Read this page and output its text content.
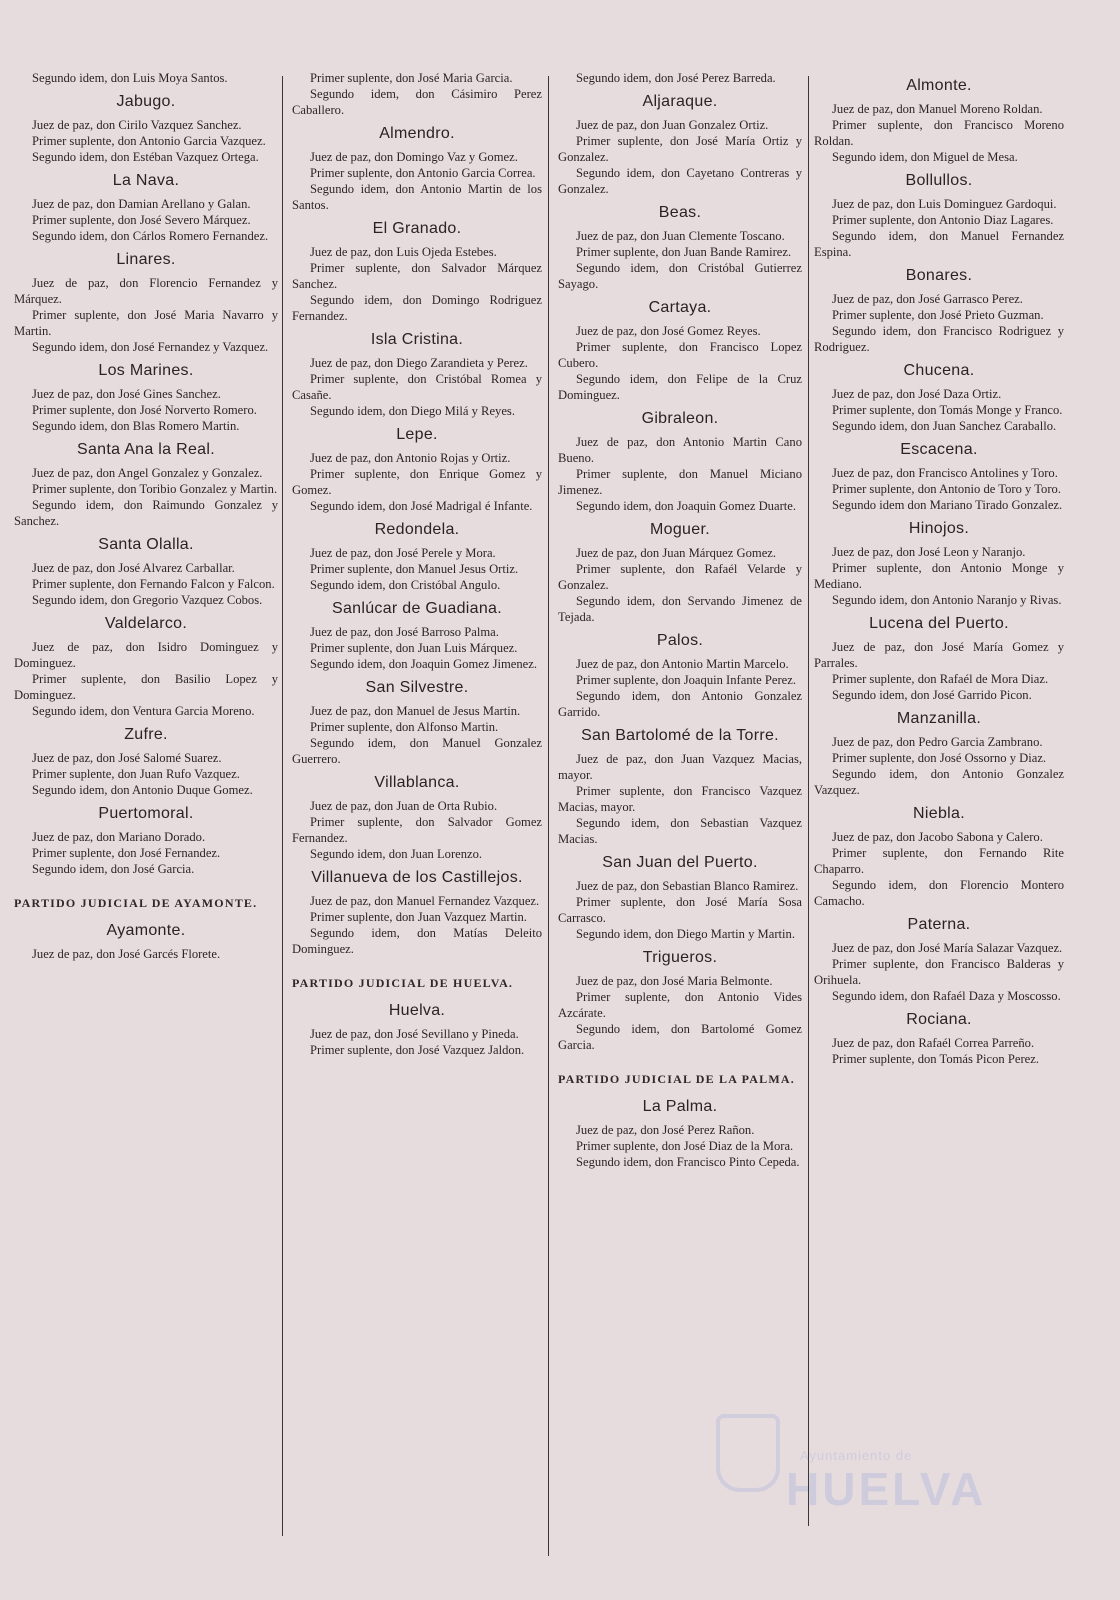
Ayuntamiento de
HUELVA

Segundo idem, don Luis Moya Santos.

Jabugo.

Juez de paz, don Cirilo Vazquez Sanchez.

Primer suplente, don Antonio Garcia Vazquez.

Segundo idem, don Estéban Vazquez Ortega.

La Nava.

Juez de paz, don Damian Arellano y Galan.

Primer suplente, don José Severo Márquez.

Segundo idem, don Cárlos Romero Fernandez.

Linares.

Juez de paz, don Florencio Fernandez y Márquez.

Primer suplente, don José Maria Navarro y Martin.

Segundo idem, don José Fernandez y Vazquez.

Los Marines.

Juez de paz, don José Gines Sanchez.

Primer suplente, don José Norverto Romero.

Segundo idem, don Blas Romero Martin.

Santa Ana la Real.

Juez de paz, don Angel Gonzalez y Gonzalez.

Primer suplente, don Toribio Gonzalez y Martin.

Segundo idem, don Raimundo Gonzalez y Sanchez.

Santa Olalla.

Juez de paz, don José Alvarez Carballar.

Primer suplente, don Fernando Falcon y Falcon.

Segundo idem, don Gregorio Vazquez Cobos.

Valdelarco.

Juez de paz, don Isidro Dominguez y Dominguez.

Primer suplente, don Basilio Lopez y Dominguez.

Segundo idem, don Ventura Garcia Moreno.

Zufre.

Juez de paz, don José Salomé Suarez.

Primer suplente, don Juan Rufo Vazquez.

Segundo idem, don Antonio Duque Gomez.

Puertomoral.

Juez de paz, don Mariano Dorado.

Primer suplente, don José Fernandez.

Segundo idem, don José Garcia.

PARTIDO JUDICIAL DE AYAMONTE.
Ayamonte.

Juez de paz, don José Garcés Florete.

Primer suplente, don José Maria Garcia.

Segundo idem, don Cásimiro Perez Caballero.

Almendro.

Juez de paz, don Domingo Vaz y Gomez.

Primer suplente, don Antonio Garcia Correa.

Segundo idem, don Antonio Martin de los Santos.

El Granado.

Juez de paz, don Luis Ojeda Estebes.

Primer suplente, don Salvador Márquez Sanchez.

Segundo idem, don Domingo Rodriguez Fernandez.

Isla Cristina.

Juez de paz, don Diego Zarandieta y Perez.

Primer suplente, don Cristóbal Romea y Casañe.

Segundo idem, don Diego Milá y Reyes.

Lepe.

Juez de paz, don Antonio Rojas y Ortiz.

Primer suplente, don Enrique Gomez y Gomez.

Segundo idem, don José Madrigal é Infante.

Redondela.

Juez de paz, don José Perele y Mora.

Primer suplente, don Manuel Jesus Ortiz.

Segundo idem, don Cristóbal Angulo.

Sanlúcar de Guadiana.

Juez de paz, don José Barroso Palma.

Primer suplente, don Juan Luis Márquez.

Segundo idem, don Joaquin Gomez Jimenez.

San Silvestre.

Juez de paz, don Manuel de Jesus Martin.

Primer suplente, don Alfonso Martin.

Segundo idem, don Manuel Gonzalez Guerrero.

Villablanca.

Juez de paz, don Juan de Orta Rubio.

Primer suplente, don Salvador Gomez Fernandez.

Segundo idem, don Juan Lorenzo.

Villanueva de los Castillejos.

Juez de paz, don Manuel Fernandez Vazquez.

Primer suplente, don Juan Vazquez Martin.

Segundo idem, don Matías Deleito Dominguez.

PARTIDO JUDICIAL DE HUELVA.
Huelva.

Juez de paz, don José Sevillano y Pineda.

Primer suplente, don José Vazquez Jaldon.

Segundo idem, don José Perez Barreda.

Aljaraque.

Juez de paz, don Juan Gonzalez Ortiz.

Primer suplente, don José María Ortiz y Gonzalez.

Segundo idem, don Cayetano Contreras y Gonzalez.

Beas.

Juez de paz, don Juan Clemente Toscano.

Primer suplente, don Juan Bande Ramirez.

Segundo idem, don Cristóbal Gutierrez Sayago.

Cartaya.

Juez de paz, don José Gomez Reyes.

Primer suplente, don Francisco Lopez Cubero.

Segundo idem, don Felipe de la Cruz Dominguez.

Gibraleon.

Juez de paz, don Antonio Martin Cano Bueno.

Primer suplente, don Manuel Miciano Jimenez.

Segundo idem, don Joaquin Gomez Duarte.

Moguer.

Juez de paz, don Juan Márquez Gomez.

Primer suplente, don Rafaél Velarde y Gonzalez.

Segundo idem, don Servando Jimenez de Tejada.

Palos.

Juez de paz, don Antonio Martin Marcelo.

Primer suplente, don Joaquin Infante Perez.

Segundo idem, don Antonio Gonzalez Garrido.

San Bartolomé de la Torre.

Juez de paz, don Juan Vazquez Macias, mayor.

Primer suplente, don Francisco Vazquez Macias, mayor.

Segundo idem, don Sebastian Vazquez Macias.

San Juan del Puerto.

Juez de paz, don Sebastian Blanco Ramirez.

Primer suplente, don José María Sosa Carrasco.

Segundo idem, don Diego Martin y Martin.

Trigueros.

Juez de paz, don José Maria Belmonte.

Primer suplente, don Antonio Vides Azcárate.

Segundo idem, don Bartolomé Gomez Garcia.

PARTIDO JUDICIAL DE LA PALMA.
La Palma.

Juez de paz, don José Perez Rañon.

Primer suplente, don José Diaz de la Mora.

Segundo idem, don Francisco Pinto Cepeda.

Almonte.

Juez de paz, don Manuel Moreno Roldan.

Primer suplente, don Francisco Moreno Roldan.

Segundo idem, don Miguel de Mesa.

Bollullos.

Juez de paz, don Luis Dominguez Gardoqui.

Primer suplente, don Antonio Diaz Lagares.

Segundo idem, don Manuel Fernandez Espina.

Bonares.

Juez de paz, don José Garrasco Perez.

Primer suplente, don José Prieto Guzman.

Segundo idem, don Francisco Rodriguez y Rodriguez.

Chucena.

Juez de paz, don José Daza Ortiz.

Primer suplente, don Tomás Monge y Franco.

Segundo idem, don Juan Sanchez Caraballo.

Escacena.

Juez de paz, don Francisco Antolines y Toro.

Primer suplente, don Antonio de Toro y Toro.

Segundo idem don Mariano Tirado Gonzalez.

Hinojos.

Juez de paz, don José Leon y Naranjo.

Primer suplente, don Antonio Monge y Mediano.

Segundo idem, don Antonio Naranjo y Rivas.

Lucena del Puerto.

Juez de paz, don José María Gomez y Parrales.

Primer suplente, don Rafaél de Mora Diaz.

Segundo idem, don José Garrido Picon.

Manzanilla.

Juez de paz, don Pedro Garcia Zambrano.

Primer suplente, don José Ossorno y Diaz.

Segundo idem, don Antonio Gonzalez Vazquez.

Niebla.

Juez de paz, don Jacobo Sabona y Calero.

Primer suplente, don Fernando Rite Chaparro.

Segundo idem, don Florencio Montero Camacho.

Paterna.

Juez de paz, don José María Salazar Vazquez.

Primer suplente, don Francisco Balderas y Orihuela.

Segundo idem, don Rafaél Daza y Moscosso.

Rociana.

Juez de paz, don Rafaél Correa Parreño.

Primer suplente, don Tomás Picon Perez.
